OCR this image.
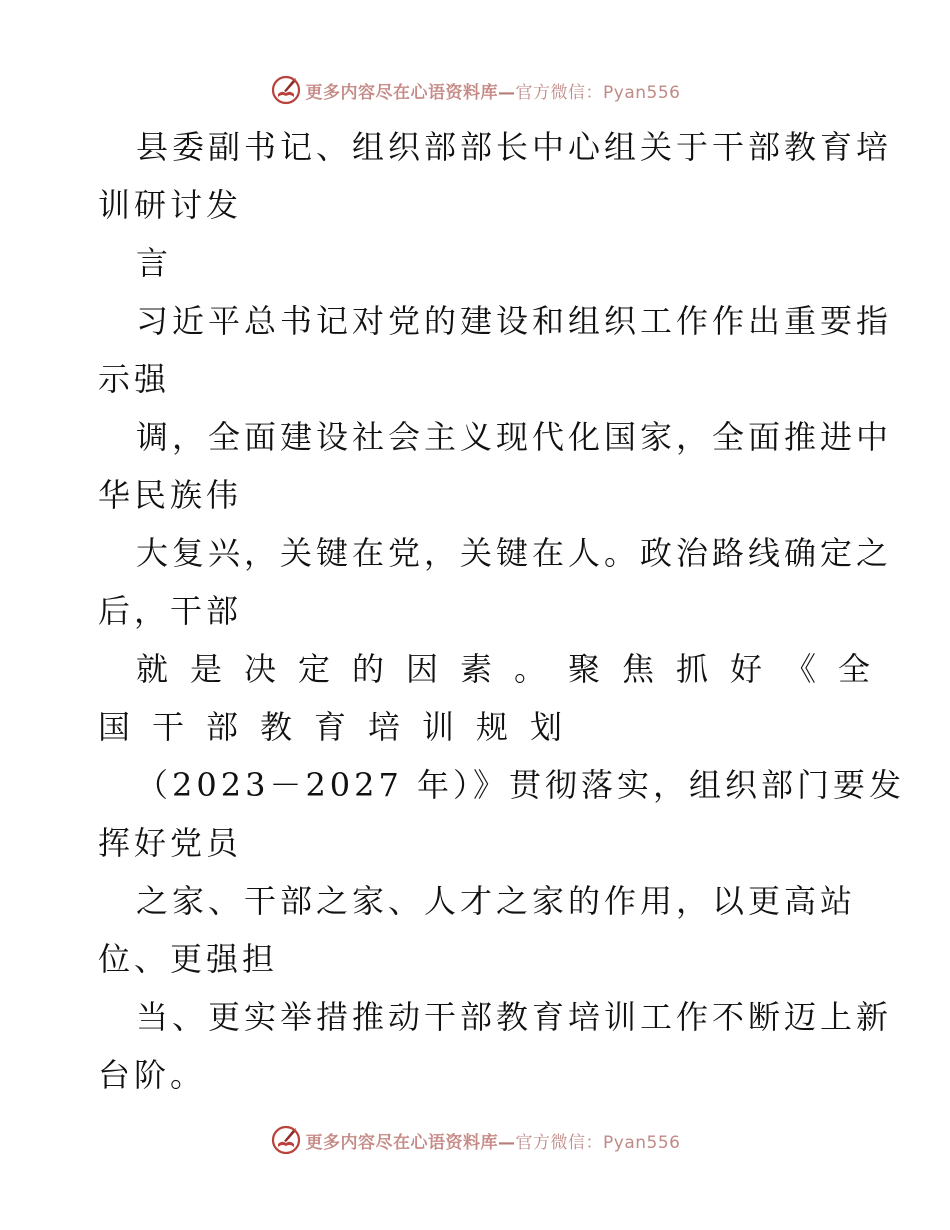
更多内容尽在心语资料库—官方微信：Pyan556
县委副书记、组织部部长中心组关于干部教育培
训研讨发
言
习近平总书记对党的建设和组织工作作出重要指
示强
调，全面建设社会主义现代化国家，全面推进中
华民族伟
大复兴，关键在党，关键在人。政治路线确定之
后，干部
就是决定的因素。聚焦抓好《全
国干部教育培训规划
（2023－2027 年）》贯彻落实，组织部门要发
挥好党员
之家、干部之家、人才之家的作用，以更高站
位、更强担
当、更实举措推动干部教育培训工作不断迈上新
台阶。
更多内容尽在心语资料库—官方微信：Pyan556
